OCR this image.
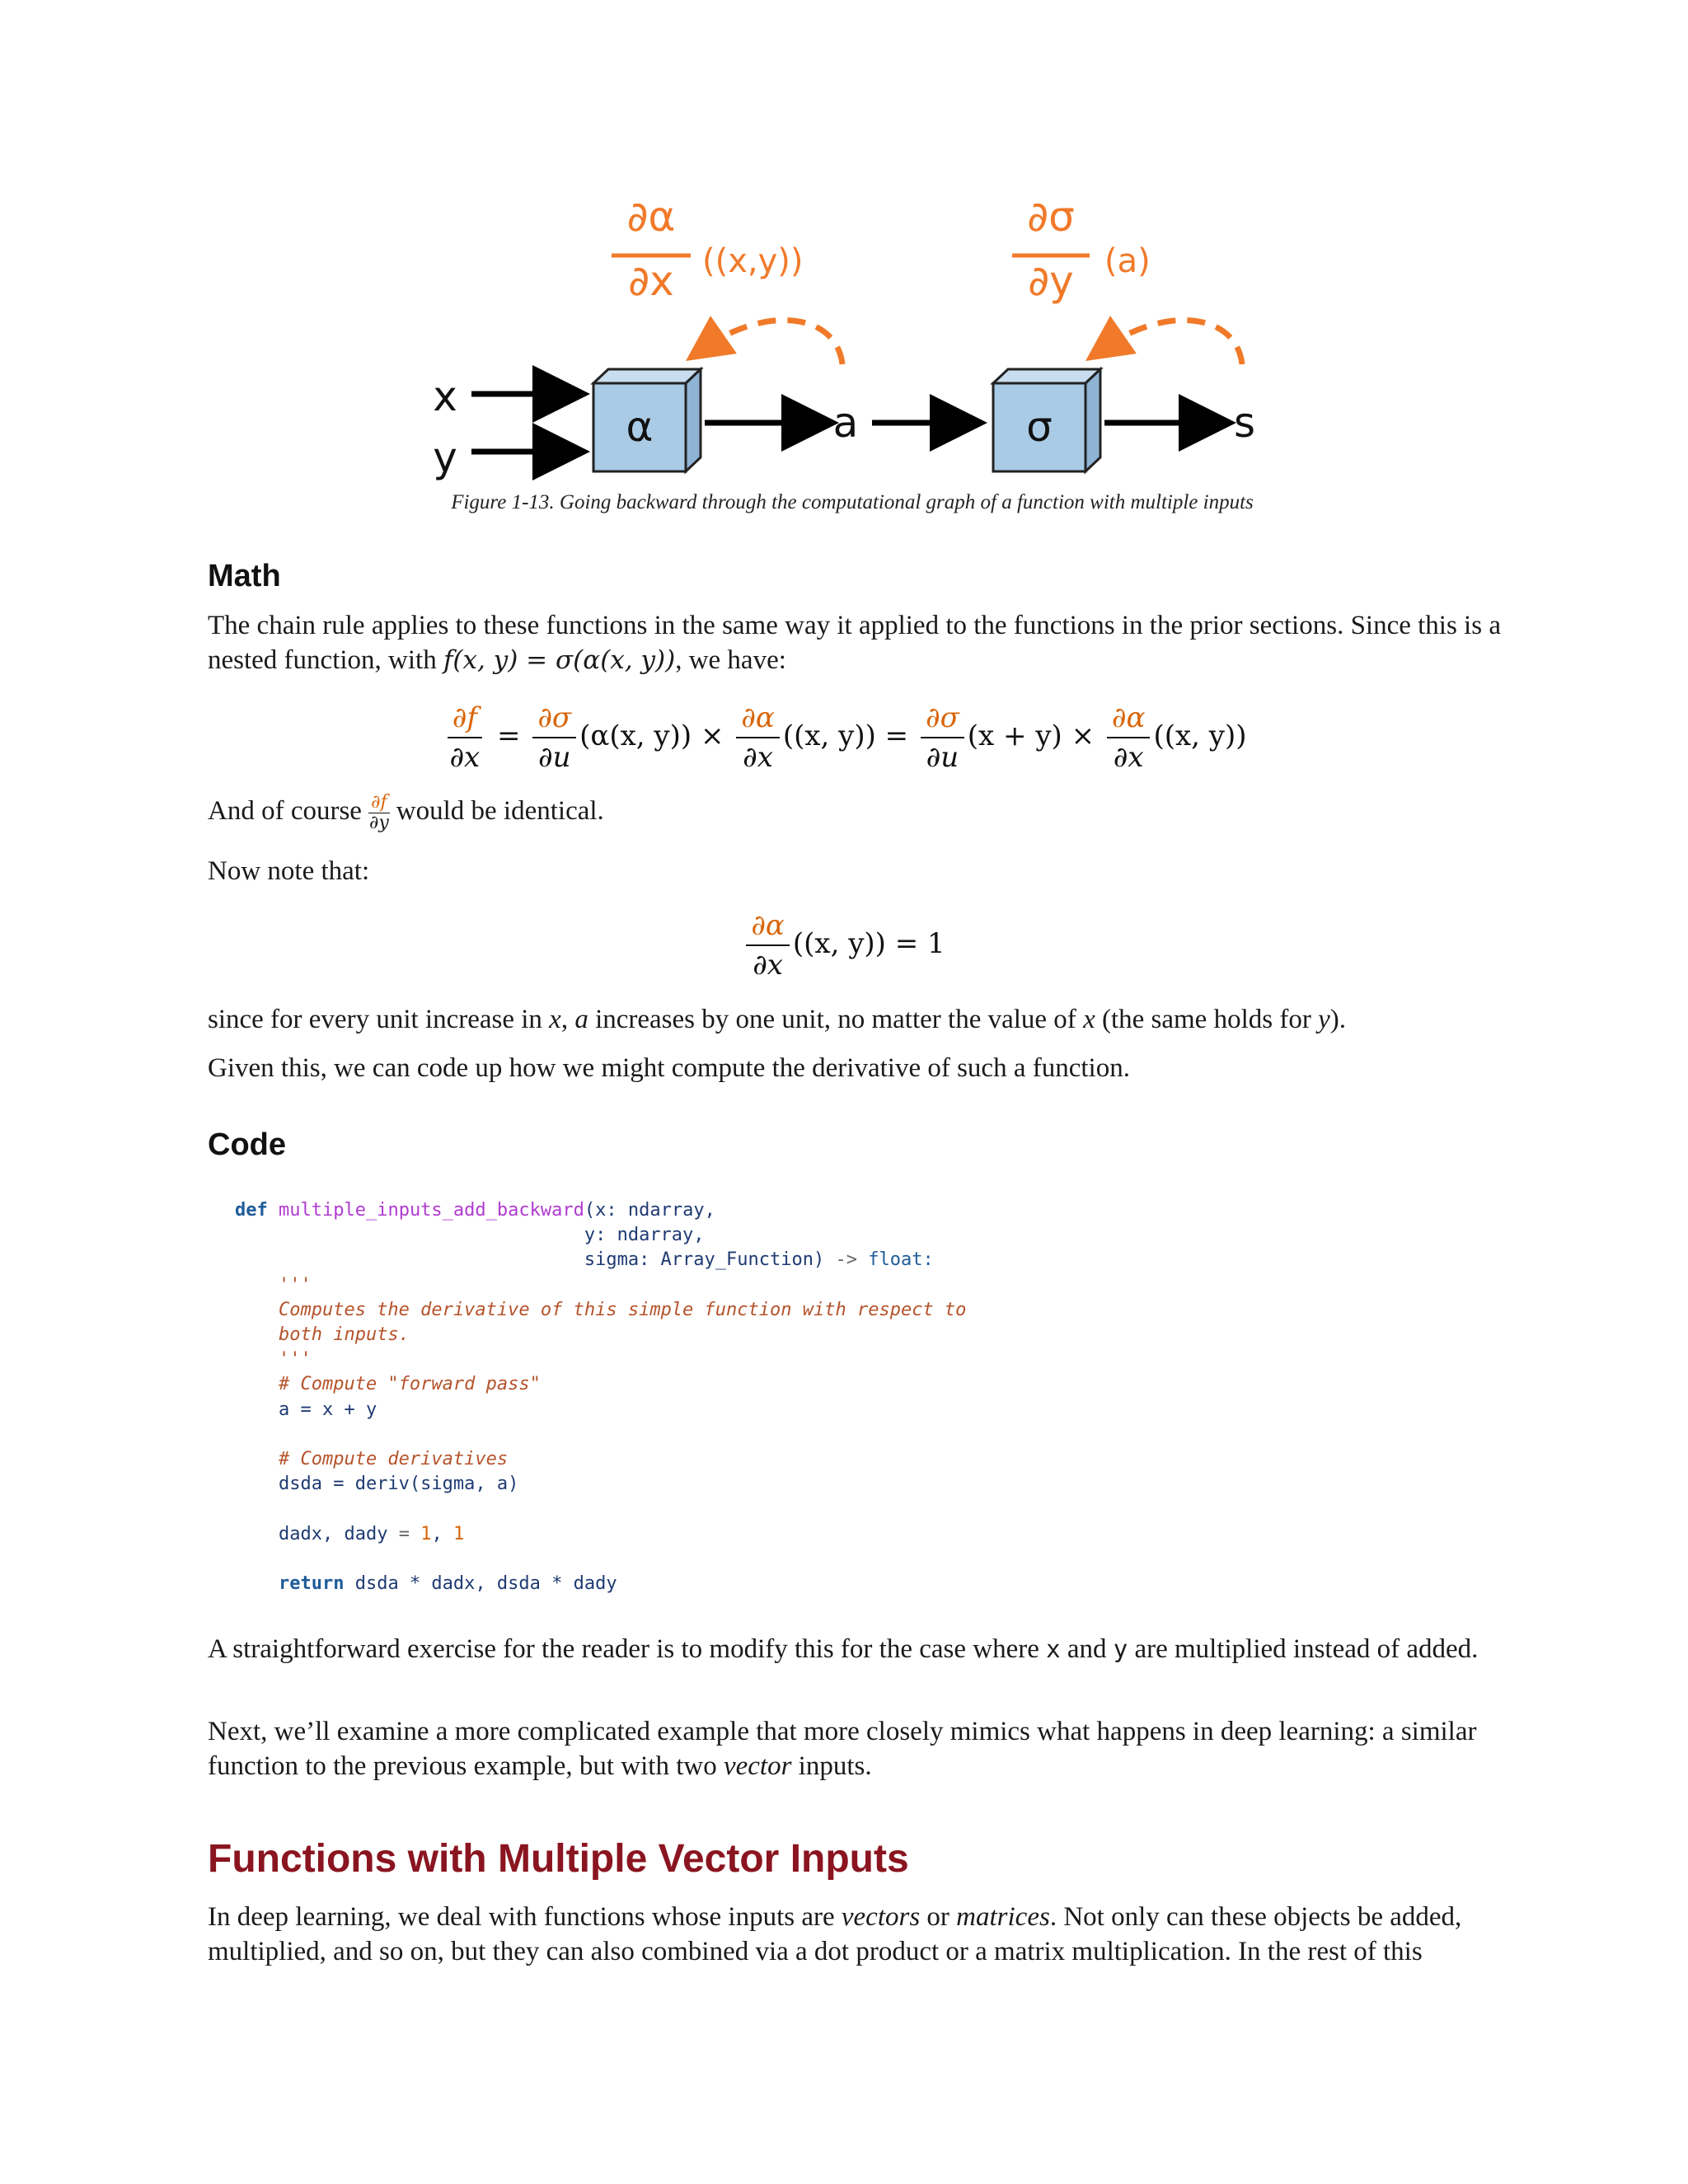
∂α
∂x ((x,y))
∂σ
∂y (a)
x
y
α	a	σ	s
Figure 1-13. Going backward through the computational graph of a function with multiple inputs
Math

The chain rule applies to these functions in the same way it applied to the functions in the prior sections. Since this is a nested function, with f(x, y) = σ(α(x, y)), we have:

$\frac{\partial f}{\partial x} = \frac{\partial\sigma}{\partial u} (\alpha(x$, $y)) \times \frac{\partial\alpha}{\partial x} ((x$, $y)) = \frac{\partial\sigma}{\partial u} (x + y) \times \frac{\partial\alpha}{\partial x} ((x$, y))

And of course $\frac{\partial f}{\partial y}$ would be identical.

Now note that:

$\frac{\partial\alpha}{\partial x} ((x$, y)) = 1

since for every unit increase in x, a increases by one unit, no matter the value of x (the same holds for y).

Given this, we can code up how we might compute the derivative of such a function.

Code
def multiple_inputs_add_backward(x: ndarray,
y: ndarray,
sigma: Array_Function) -> float:
'''
Computes the derivative of this simple function with respect to
both inputs.
'''
# Compute "forward pass"
a = x + y

# Compute derivatives
dsda = deriv(sigma, a)

dadx, dady = 1, 1

return dsda * dadx, dsda * dady

A straightforward exercise for the reader is to modify this for the case where x and y are multiplied instead of added.

Next, we’ll examine a more complicated example that more closely mimics what happens in deep learning: a similar function to the previous example, but with two vector inputs.

Functions with Multiple Vector Inputs

In deep learning, we deal with functions whose inputs are vectors or matrices. Not only can these objects be added, multiplied, and so on, but they can also combined via a dot product or a matrix multiplication. In the rest of this
